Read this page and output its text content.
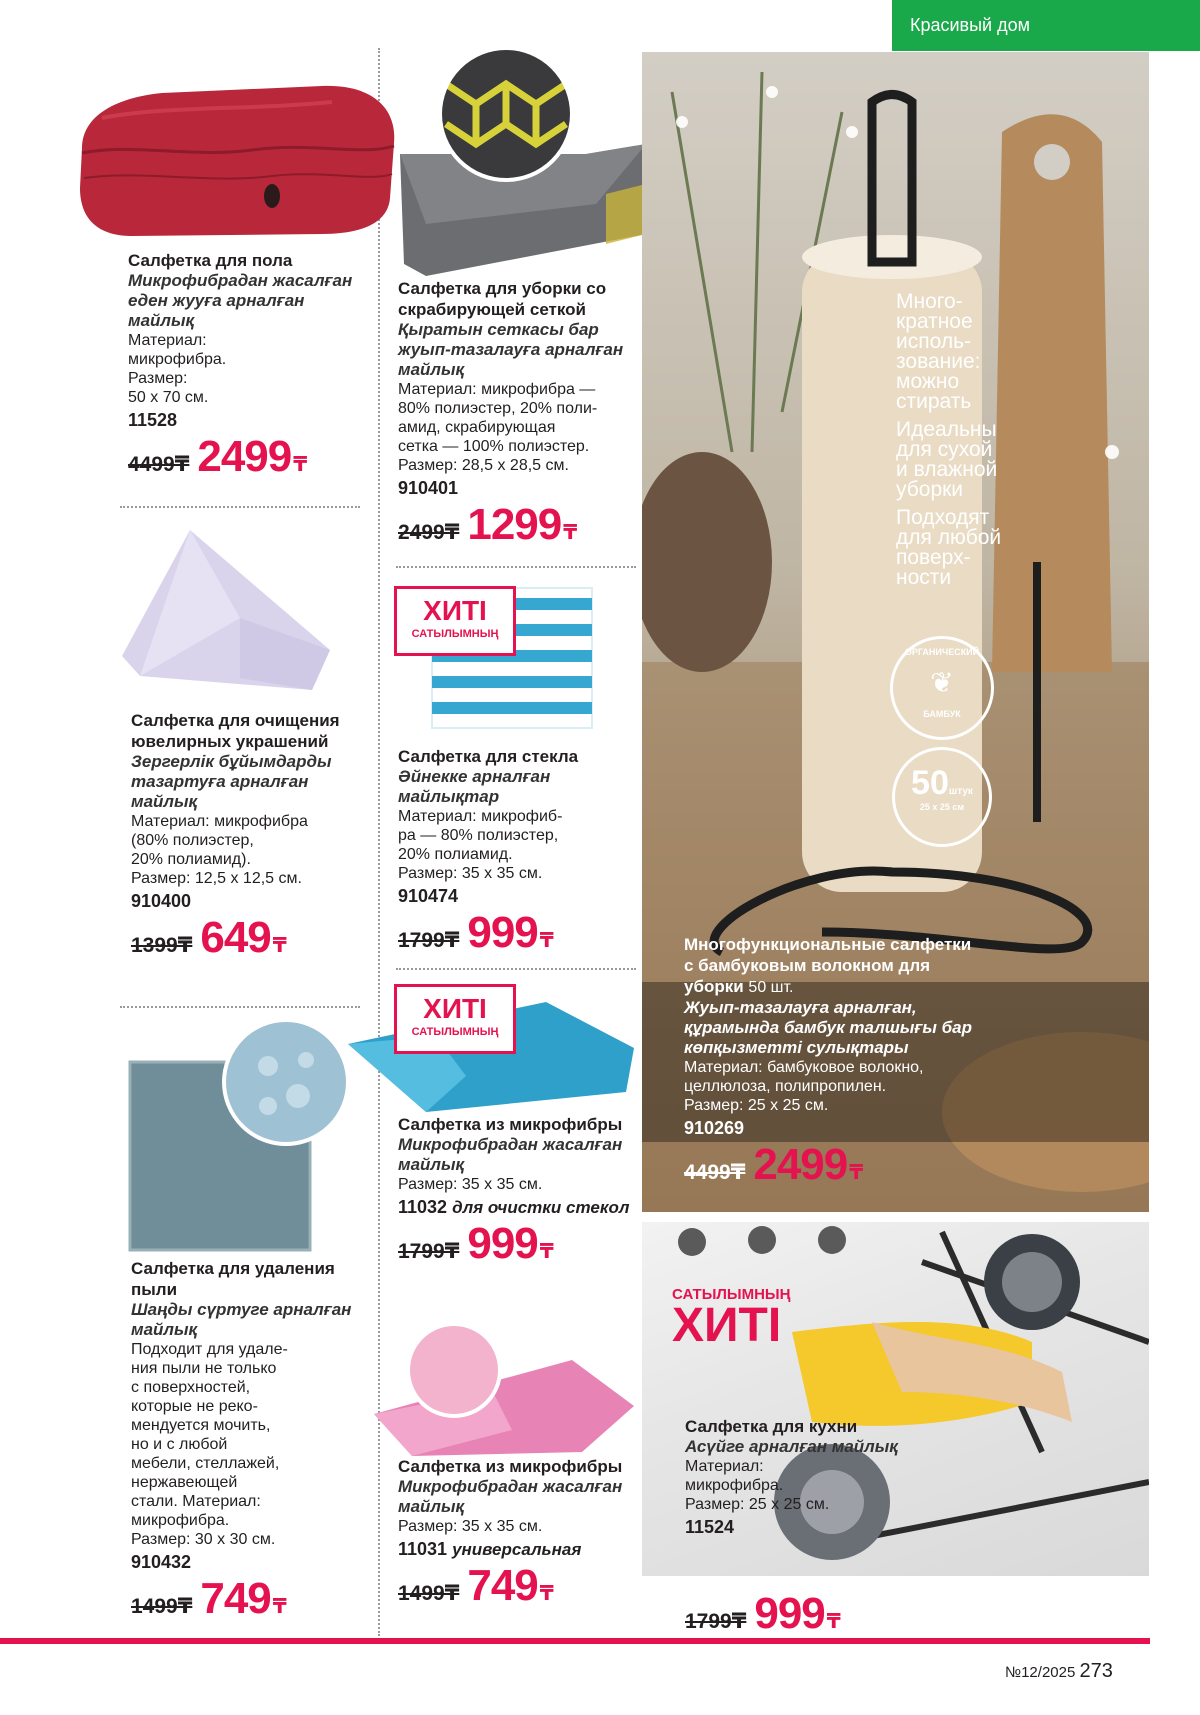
Красивый дом
ХИТІ
САТЫЛЫМНЫҢ
ХИТІ
САТЫЛЫМНЫҢ
Салфетка для пола
Микрофибрадан жасалған еден жууға арналған майлық
Материал:
микрофибра.
Размер:
50 х 70 см.
11528
4499₸ 2499 ₸
Салфетка для очищения ювелирных украшений
Зергерлік бұйымдарды тазартуға арналған майлық
Материал: микрофибра
(80% полиэстер,
20% полиамид).
Размер: 12,5 х 12,5 см.
910400
1399₸ 649 ₸
Салфетка для удаления пыли
Шаңды сүртуге арналған майлық
Подходит для удале-
ния пыли не только
с поверхностей,
которые не реко-
мендуется мочить,
но и с любой
мебели, стеллажей,
нержавеющей
стали. Материал:
микрофибра.
Размер: 30 х 30 см.
910432
1499₸ 749 ₸
Салфетка для уборки со скрабирующей сеткой
Қыратын сеткасы бар жуып-тазалауға арналған майлық
Материал: микрофибра —
80% полиэстер, 20% поли-
амид, скрабирующая
сетка — 100% полиэстер.
Размер: 28,5 х 28,5 см.
910401
2499₸ 1299 ₸
Салфетка для стекла
Әйнекке арналған майлықтар
Материал: микрофиб-
ра — 80% полиэстер,
20% полиамид.
Размер: 35 х 35 см.
910474
1799₸ 999 ₸
Салфетка из микрофибры
Микрофибрадан жасалған майлық
Размер: 35 х 35 см.
11032 для очистки стекол
1799₸ 999 ₸
Салфетка из микрофибры
Микрофибрадан жасалған майлық
Размер: 35 х 35 см.
11031 универсальная
1499₸ 749 ₸
Много-
кратное
исполь-
зование:
можно
стирать
Идеальны
для сухой
и влажной
уборки
Подходят
для любой
поверх-
ности
ОРГАНИЧЕСКИЙ
❦
БАМБУК
50штук
25 х 25 см
Многофункциональные салфетки с бамбуковым волокном для уборки 50 шт.
Жуып-тазалауға арналған, құрамында бамбук талшығы бар көпқызметті сулықтары
Материал: бамбуковое волокно,
целлюлоза, полипропилен.
Размер: 25 х 25 см.
910269
4499₸ 2499 ₸
САТЫЛЫМНЫҢ
ХИТІ
Салфетка для кухни
Асүйге арналған майлық
Материал:
микрофибра.
Размер: 25 х 25 см.
11524
1799₸ 999 ₸
№12/2025 273
